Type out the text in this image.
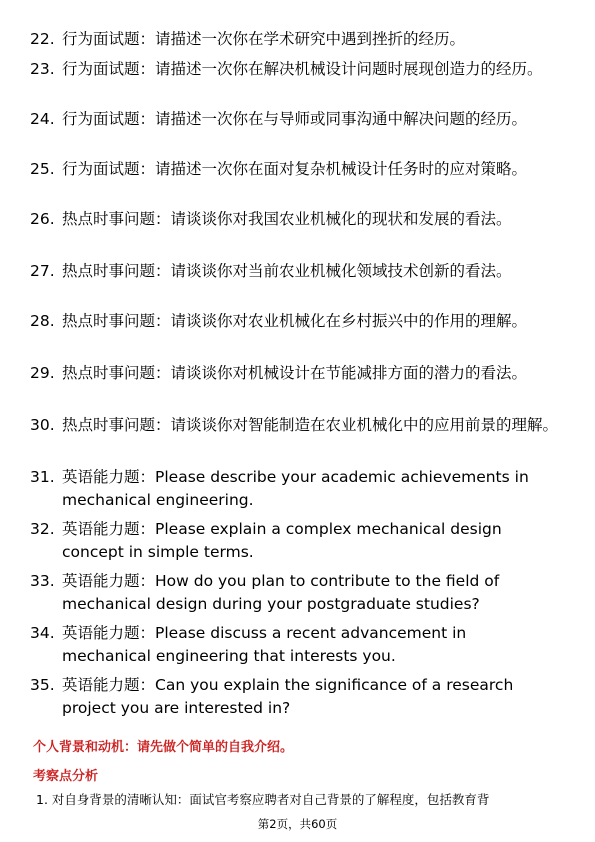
22. 行为面试题：请描述一次你在学术研究中遇到挫折的经历。
23. 行为面试题：请描述一次你在解决机械设计问题时展现创造力的经历。
24. 行为面试题：请描述一次你在与导师或同事沟通中解决问题的经历。
25. 行为面试题：请描述一次你在面对复杂机械设计任务时的应对策略。
26. 热点时事问题：请谈谈你对我国农业机械化的现状和发展的看法。
27. 热点时事问题：请谈谈你对当前农业机械化领域技术创新的看法。
28. 热点时事问题：请谈谈你对农业机械化在乡村振兴中的作用的理解。
29. 热点时事问题：请谈谈你对机械设计在节能减排方面的潜力的看法。
30. 热点时事问题：请谈谈你对智能制造在农业机械化中的应用前景的理解。
31. 英语能力题：Please describe your academic achievements in mechanical engineering.
32. 英语能力题：Please explain a complex mechanical design concept in simple terms.
33. 英语能力题：How do you plan to contribute to the field of mechanical design during your postgraduate studies?
34. 英语能力题：Please discuss a recent advancement in mechanical engineering that interests you.
35. 英语能力题：Can you explain the significance of a research project you are interested in?
个人背景和动机：请先做个简单的自我介绍。
考察点分析
1. 对自身背景的清晰认知：面试官考察应聘者对自己背景的了解程度，包括教育背
第2页，共60页
